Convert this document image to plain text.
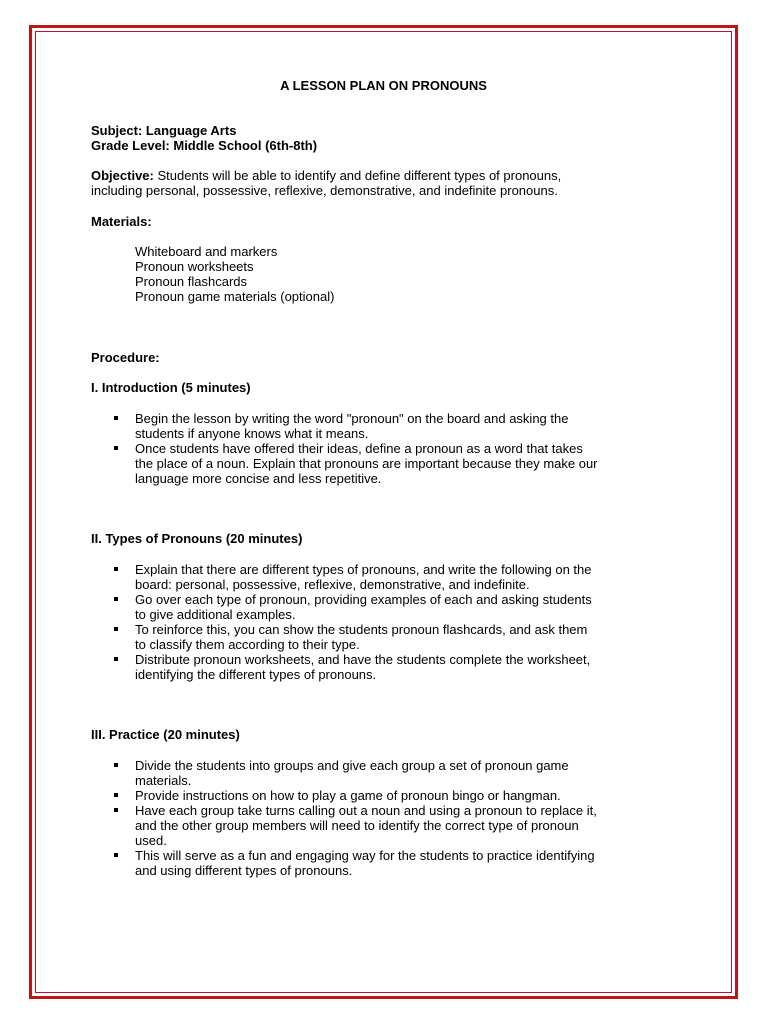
A LESSON PLAN ON PRONOUNS

Subject: Language Arts

Grade Level: Middle School (6th-8th)

Objective: Students will be able to identify and define different types of pronouns,

including personal, possessive, reflexive, demonstrative, and indefinite pronouns.

Materials:

Whiteboard and markers
Pronoun worksheets
Pronoun flashcards
Pronoun game materials (optional)

Procedure:

I. Introduction (5 minutes)

Begin the lesson by writing the word "pronoun" on the board and asking the
students if anyone knows what it means.
Once students have offered their ideas, define a pronoun as a word that takes
the place of a noun. Explain that pronouns are important because they make our
language more concise and less repetitive.

II. Types of Pronouns (20 minutes)

Explain that there are different types of pronouns, and write the following on the
board: personal, possessive, reflexive, demonstrative, and indefinite.
Go over each type of pronoun, providing examples of each and asking students
to give additional examples.
To reinforce this, you can show the students pronoun flashcards, and ask them
to classify them according to their type.
Distribute pronoun worksheets, and have the students complete the worksheet,
identifying the different types of pronouns.

III. Practice (20 minutes)

Divide the students into groups and give each group a set of pronoun game
materials.
Provide instructions on how to play a game of pronoun bingo or hangman.
Have each group take turns calling out a noun and using a pronoun to replace it,
and the other group members will need to identify the correct type of pronoun
used.
This will serve as a fun and engaging way for the students to practice identifying
and using different types of pronouns.
